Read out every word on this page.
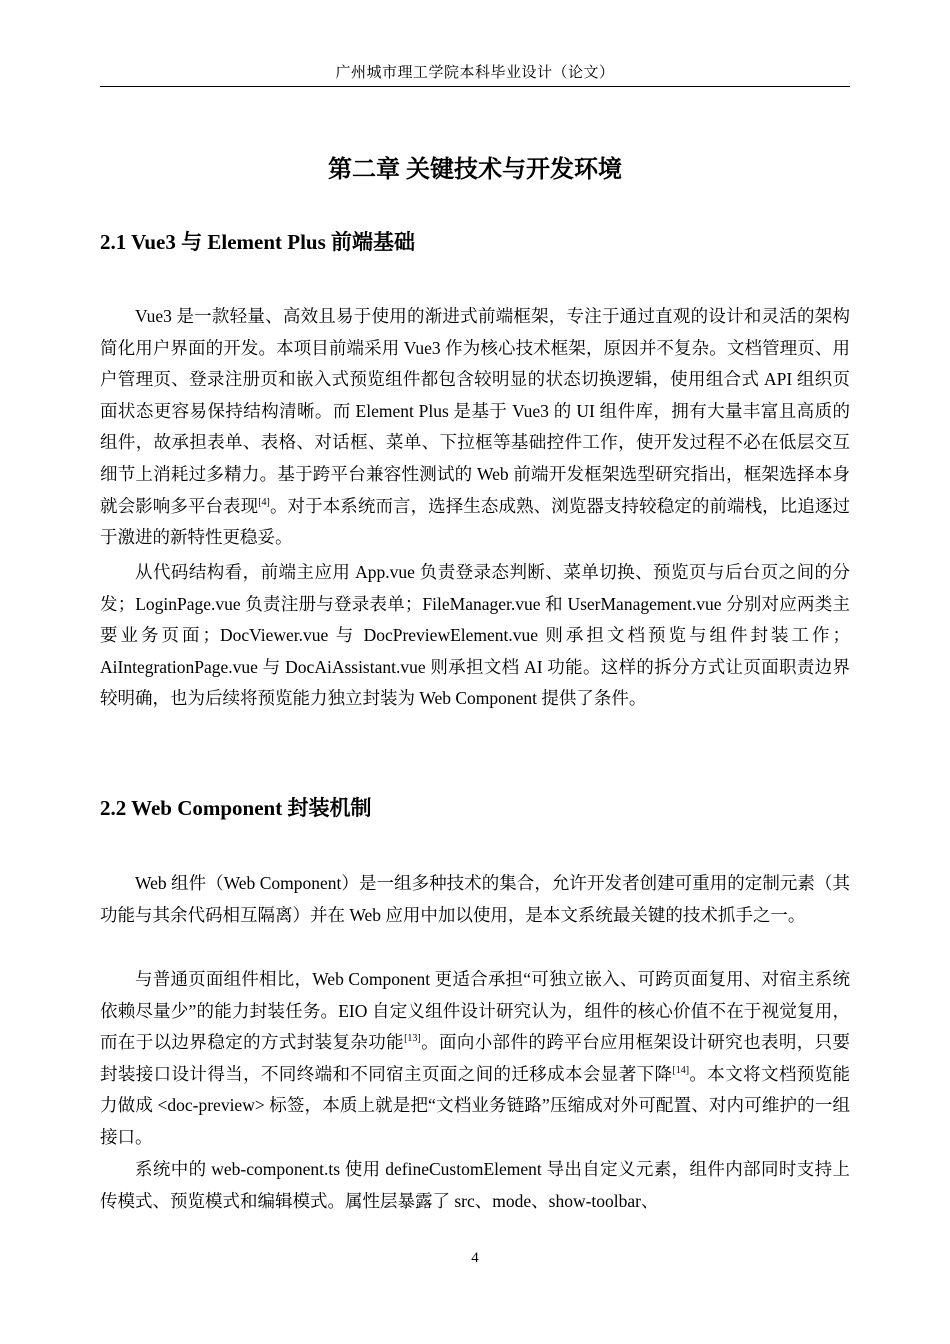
广州城市理工学院本科毕业设计（论文）
第二章 关键技术与开发环境
2.1 Vue3 与 Element Plus 前端基础

Vue3 是一款轻量、高效且易于使用的渐进式前端框架，专注于通过直观的设计和灵活的架构简化用户界面的开发。本项目前端采用 Vue3 作为核心技术框架，原因并不复杂。文档管理页、用户管理页、登录注册页和嵌入式预览组件都包含较明显的状态切换逻辑，使用组合式 API 组织页面状态更容易保持结构清晰。而 Element Plus 是基于 Vue3 的 UI 组件库，拥有大量丰富且高质的组件，故承担表单、表格、对话框、菜单、下拉框等基础控件工作，使开发过程不必在低层交互细节上消耗过多精力。基于跨平台兼容性测试的 Web 前端开发框架选型研究指出，框架选择本身就会影响多平台表现[4]。对于本系统而言，选择生态成熟、浏览器支持较稳定的前端栈，比追逐过于激进的新特性更稳妥。

从代码结构看，前端主应用 App.vue 负责登录态判断、菜单切换、预览页与后台页之间的分发；LoginPage.vue 负责注册与登录表单；FileManager.vue 和 UserManagement.vue 分别对应两类主要业务页面；DocViewer.vue 与 DocPreviewElement.vue 则承担文档预览与组件封装工作；AiIntegrationPage.vue 与 DocAiAssistant.vue 则承担文档 AI 功能。这样的拆分方式让页面职责边界较明确，也为后续将预览能力独立封装为 Web Component 提供了条件。

2.2 Web Component 封装机制

Web 组件（Web Component）是一组多种技术的集合，允许开发者创建可重用的定制元素（其功能与其余代码相互隔离）并在 Web 应用中加以使用，是本文系统最关键的技术抓手之一。

与普通页面组件相比，Web Component 更适合承担“可独立嵌入、可跨页面复用、对宿主系统依赖尽量少”的能力封装任务。EIO 自定义组件设计研究认为，组件的核心价值不在于视觉复用，而在于以边界稳定的方式封装复杂功能[13]。面向小部件的跨平台应用框架设计研究也表明，只要封装接口设计得当，不同终端和不同宿主页面之间的迁移成本会显著下降[14]。本文将文档预览能力做成 <doc-preview> 标签，本质上就是把“文档业务链路”压缩成对外可配置、对内可维护的一组接口。

系统中的 web-component.ts 使用 defineCustomElement 导出自定义元素，组件内部同时支持上传模式、预览模式和编辑模式。属性层暴露了 src、mode、show-toolbar、

4
